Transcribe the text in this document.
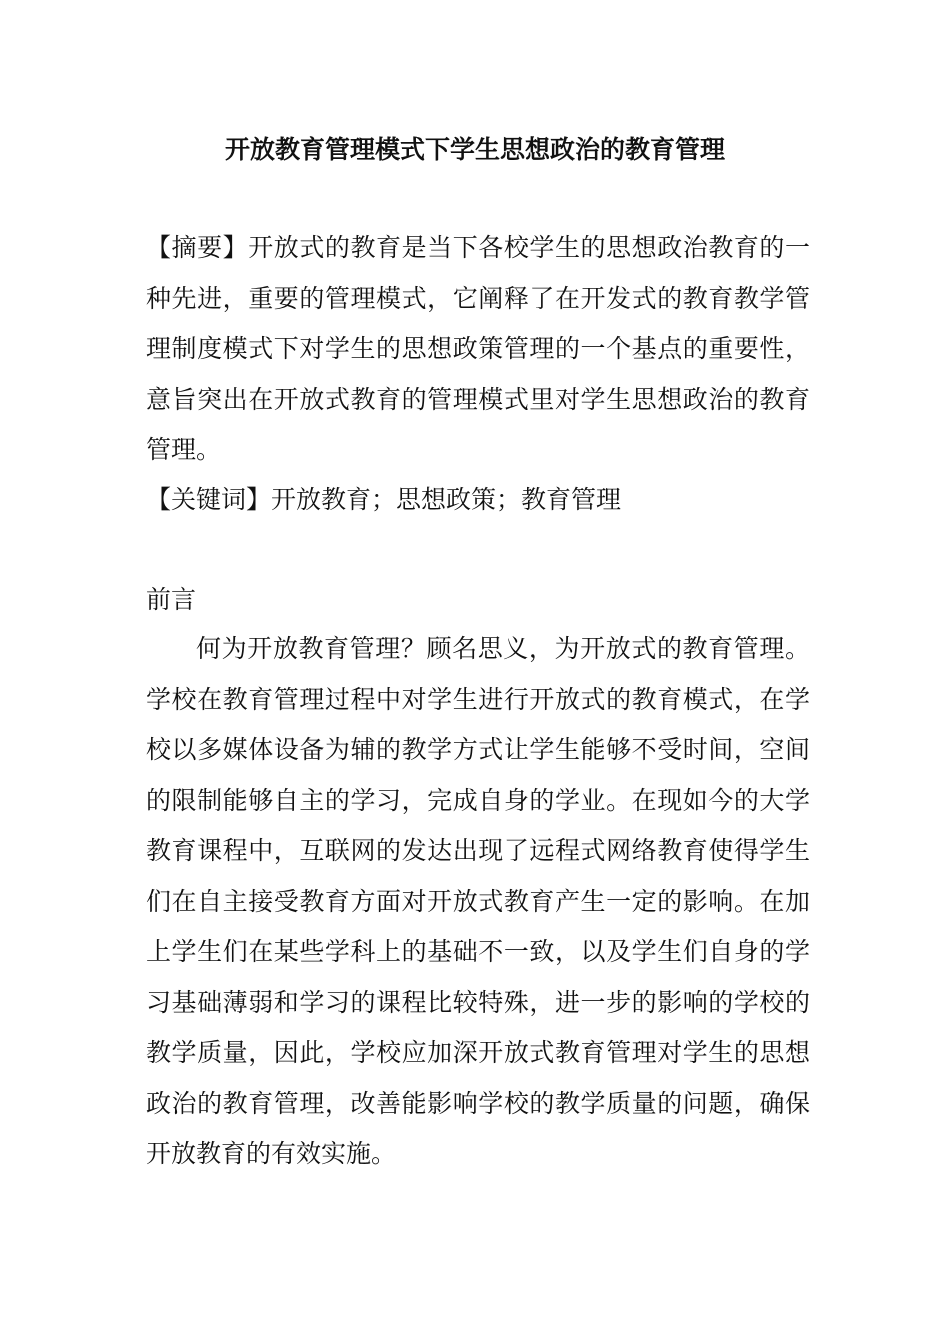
开放教育管理模式下学生思想政治的教育管理
【摘要】开放式的教育是当下各校学生的思想政治教育的一种先进，重要的管理模式，它阐释了在开发式的教育教学管理制度模式下对学生的思想政策管理的一个基点的重要性，意旨突出在开放式教育的管理模式里对学生思想政治的教育管理。
【关键词】开放教育；思想政策；教育管理
前言
何为开放教育管理？顾名思义，为开放式的教育管理。学校在教育管理过程中对学生进行开放式的教育模式，在学校以多媒体设备为辅的教学方式让学生能够不受时间，空间的限制能够自主的学习，完成自身的学业。在现如今的大学教育课程中，互联网的发达出现了远程式网络教育使得学生们在自主接受教育方面对开放式教育产生一定的影响。在加上学生们在某些学科上的基础不一致，以及学生们自身的学习基础薄弱和学习的课程比较特殊，进一步的影响的学校的教学质量，因此，学校应加深开放式教育管理对学生的思想政治的教育管理，改善能影响学校的教学质量的问题，确保开放教育的有效实施。
